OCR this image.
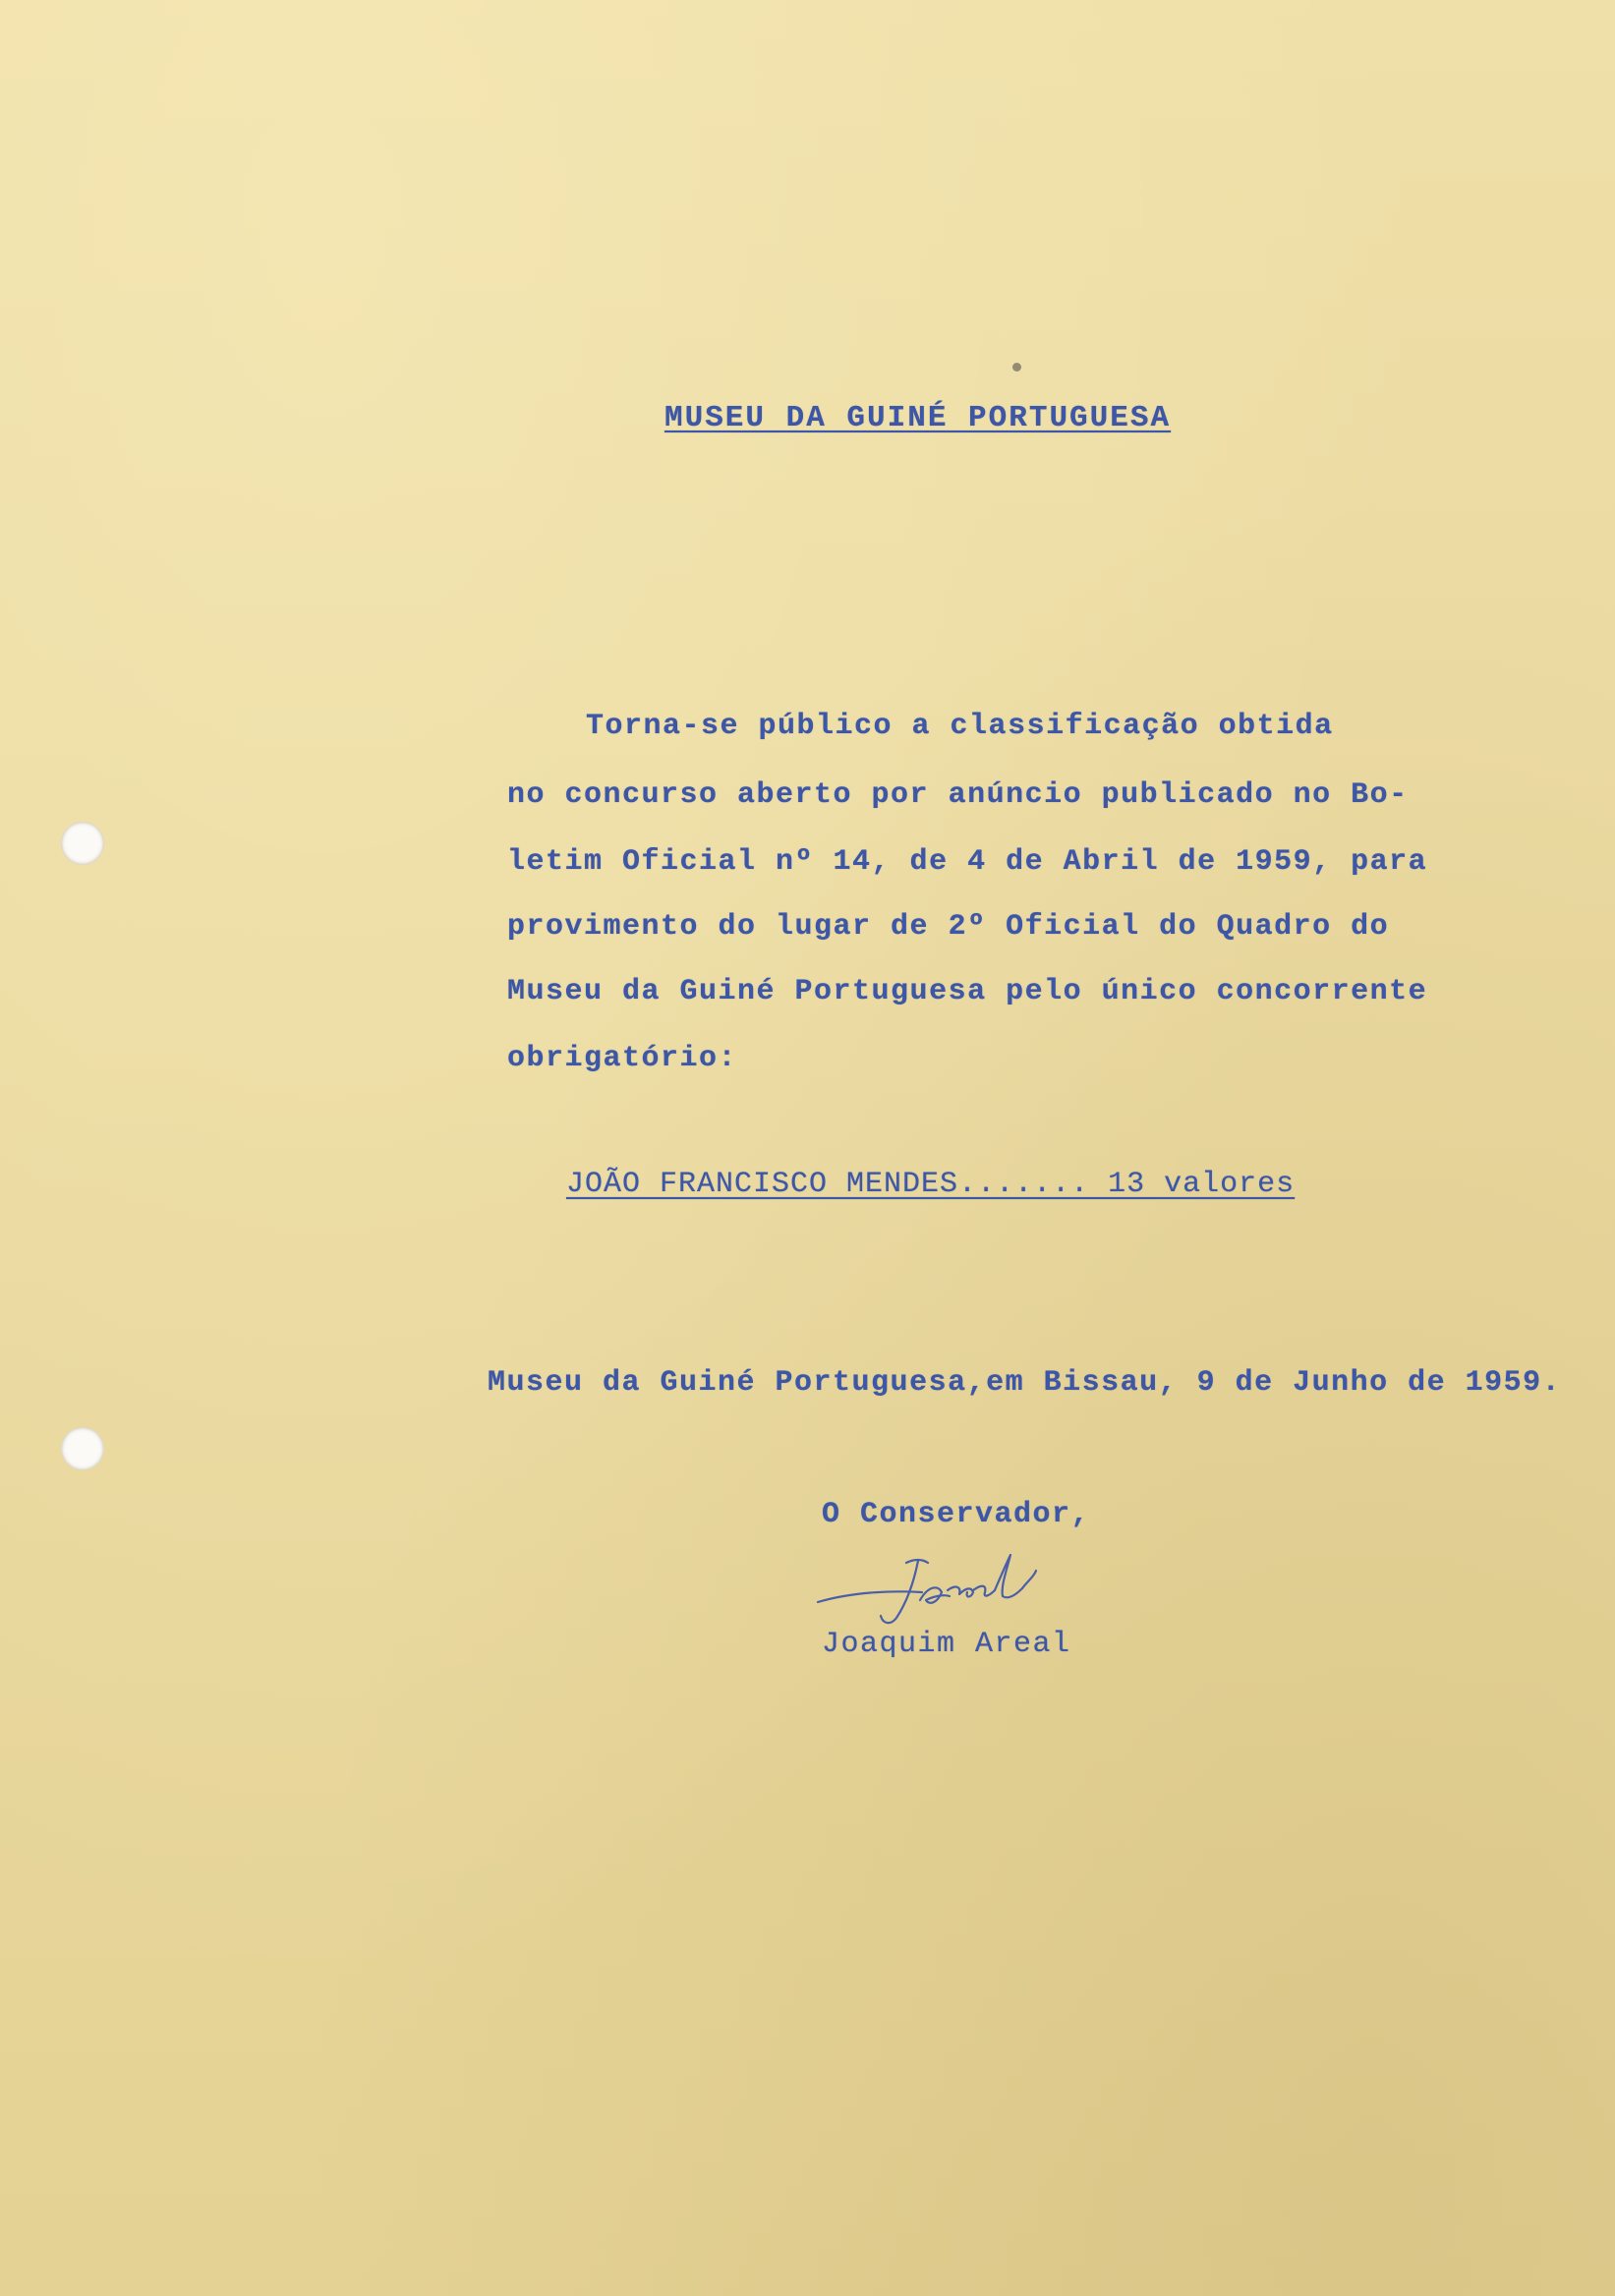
MUSEU DA GUINÉ PORTUGUESA
Torna-se público a classificação obtida
no concurso aberto por anúncio publicado no Bo-
letim Oficial nº 14, de 4 de Abril de 1959, para
provimento do lugar de 2º Oficial do Quadro do
Museu da Guiné Portuguesa pelo único concorrente
obrigatório:
JOÃO FRANCISCO MENDES....... 13 valores
Museu da Guiné Portuguesa,em Bissau, 9 de Junho de 1959.
O Conservador,
Joaquim Areal
